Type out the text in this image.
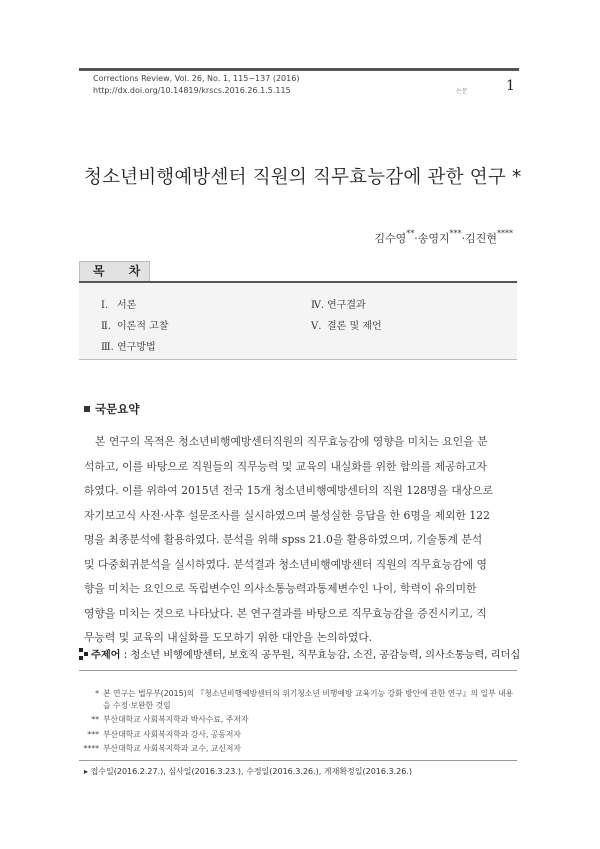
Corrections Review, Vol. 26, No. 1, 115~137 (2016)
http://dx.doi.org/10.14819/krscs.2016.26.1.5.115	논문	1
청소년비행예방센터 직원의 직무효능감에 관한 연구 *
김수영**·송영지***·김진현****
목 차
Ⅰ. 서론
Ⅱ. 이론적 고찰
Ⅲ. 연구방법
Ⅳ. 연구결과
Ⅴ. 결론 및 제언
국문요약
본 연구의 목적은 청소년비행예방센터직원의 직무효능감에 영향을 미치는 요인을 분
석하고, 이를 바탕으로 직원들의 직무능력 및 교육의 내실화를 위한 함의를 제공하고자
하였다. 이를 위하여 2015년 전국 15개 청소년비행예방센터의 직원 128명을 대상으로
자기보고식 사전·사후 설문조사를 실시하였으며 불성실한 응답을 한 6명을 제외한 122
명을 최종분석에 활용하였다. 분석을 위해 spss 21.0을 활용하였으며, 기술통계 분석
및 다중회귀분석을 실시하였다. 분석결과 청소년비행예방센터 직원의 직무효능감에 영
향을 미치는 요인으로 독립변수인 의사소통능력과통제변수인 나이, 학력이 유의미한
영향을 미치는 것으로 나타났다. 본 연구결과를 바탕으로 직무효능감을 증진시키고, 직
무능력 및 교육의 내실화를 도모하기 위한 대안을 논의하였다.
주제어 : 청소년 비행예방센터, 보호직 공무원, 직무효능감, 소진, 공감능력, 의사소통능력, 리더십
* 본 연구는 법무부(2015)의 『청소년비행예방센터의 위기청소년 비행예방 교육기능 강화 방안에 관한 연구』의 일부 내용
을 수정·보완한 것임
** 부산대학교 사회복지학과 박사수료, 주저자
*** 부산대학교 사회복지학과 강사, 공동저자
**** 부산대학교 사회복지학과 교수, 교신저자
▸ 접수일(2016.2.27.), 심사일(2016.3.23.), 수정일(2016.3.26.), 게재확정일(2016.3.26.)
